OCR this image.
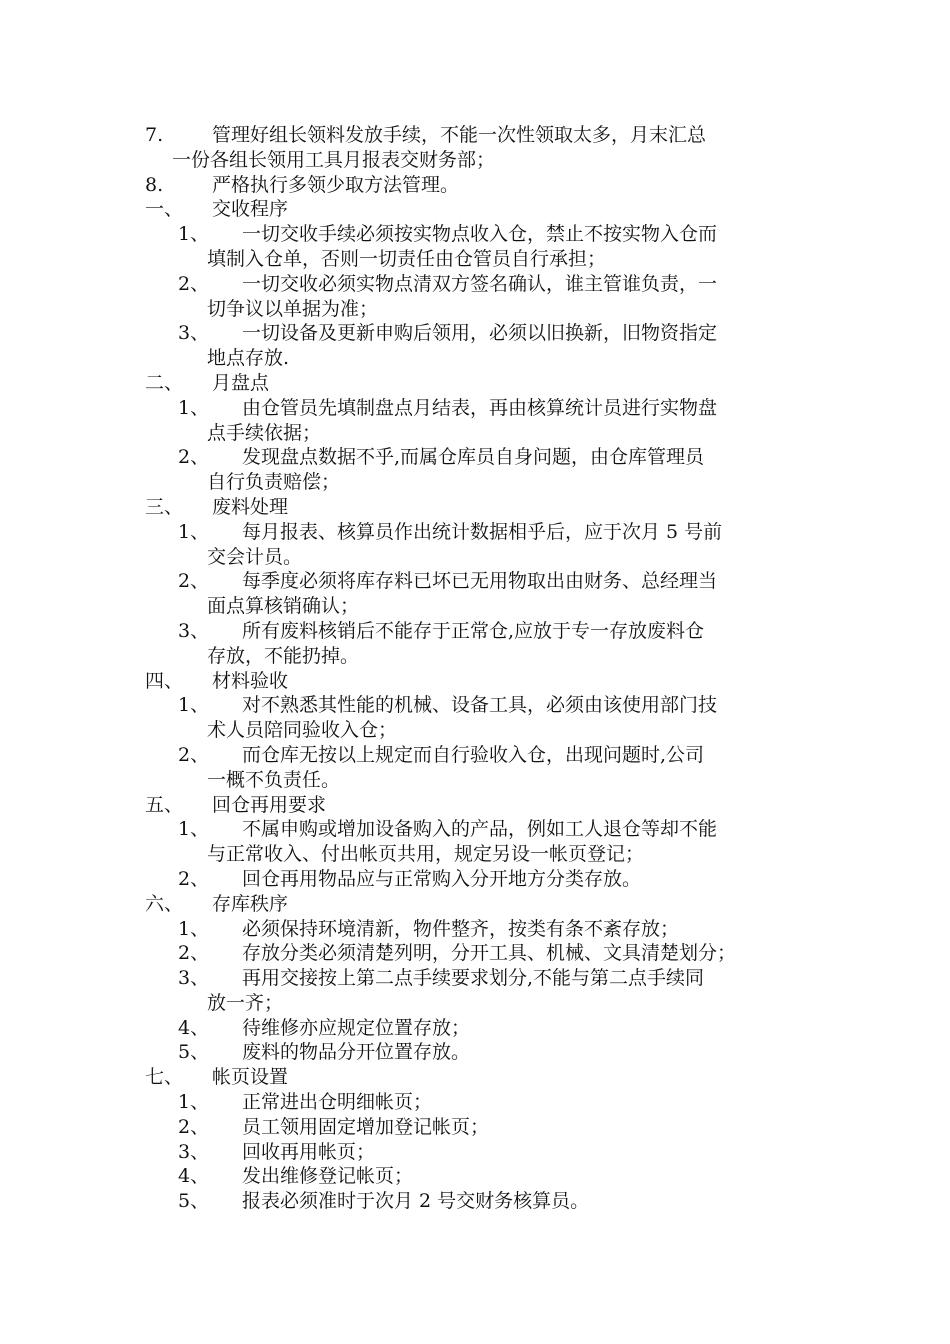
7.	管理好组长领料发放手续，不能一次性领取太多，月末汇总
一份各组长领用工具月报表交财务部；
8.	严格执行多领少取方法管理。
一、 交收程序
1、 一切交收手续必须按实物点收入仓，禁止不按实物入仓而
填制入仓单，否则一切责任由仓管员自行承担；
2、 一切交收必须实物点清双方签名确认，谁主管谁负责，一
切争议以单据为准；
3、 一切设备及更新申购后领用，必须以旧换新，旧物资指定
地点存放.
二、 月盘点
1、 由仓管员先填制盘点月结表，再由核算统计员进行实物盘
点手续依据；
2、 发现盘点数据不乎,而属仓库员自身问题，由仓库管理员
自行负责赔偿；
三、 废料处理
1、 每月报表、核算员作出统计数据相乎后，应于次月 5 号前
交会计员。
2、 每季度必须将库存料已坏已无用物取出由财务、总经理当
面点算核销确认；
3、 所有废料核销后不能存于正常仓,应放于专一存放废料仓
存放，不能扔掉。
四、 材料验收
1、 对不熟悉其性能的机械、设备工具，必须由该使用部门技
术人员陪同验收入仓；
2、 而仓库无按以上规定而自行验收入仓，出现问题时,公司
一概不负责任。
五、 回仓再用要求
1、 不属申购或增加设备购入的产品，例如工人退仓等却不能
与正常收入、付出帐页共用，规定另设一帐页登记；
2、 回仓再用物品应与正常购入分开地方分类存放。
六、 存库秩序
1、 必须保持环境清新，物件整齐，按类有条不紊存放；
2、 存放分类必须清楚列明，分开工具、机械、文具清楚划分；
3、 再用交接按上第二点手续要求划分,不能与第二点手续同
放一齐；
4、 待维修亦应规定位置存放；
5、 废料的物品分开位置存放。
七、 帐页设置
1、 正常进出仓明细帐页；
2、 员工领用固定增加登记帐页；
3、 回收再用帐页；
4、 发出维修登记帐页；
5、 报表必须准时于次月 2 号交财务核算员。
